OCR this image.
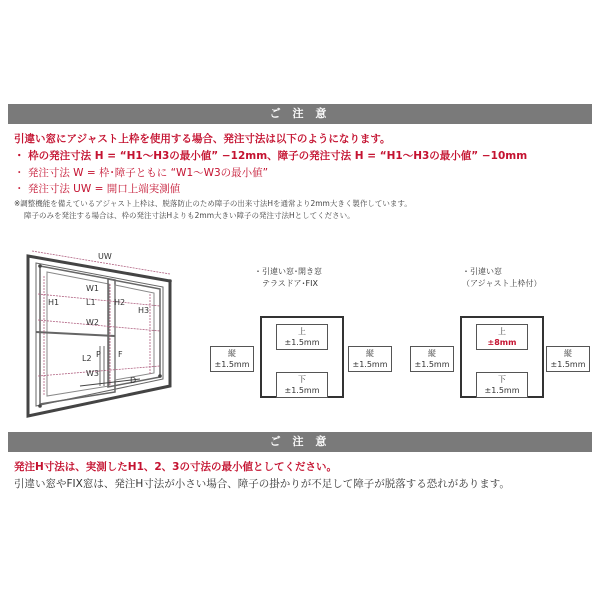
ご 注 意
引違い窓にアジャスト上枠を使用する場合、発注寸法は以下のようになります。
・ 枠の発注寸法 H = “H1～H3の最小値” −12mm、障子の発注寸法 H = “H1～H3の最小値” −10mm
・ 発注寸法 W = 枠･障子ともに “W1～W3の最小値”
・ 発注寸法 UW = 開口上端実測値
※調整機能を備えているアジャスト上枠は、脱落防止のため障子の出来寸法Hを通常より2mm大きく製作しています。
障子のみを発注する場合は、枠の発注寸法Hよりも2mm大きい障子の発注寸法Hとしてください。
UW
W1
H1	L1 H2
H3
W2
L2 P F
W3
D
・引違い窓･開き窓
テラスドア･FIX
上
±1.5mm
下
±1.5mm
縦
±1.5mm
縦
±1.5mm
・引違い窓
（アジャスト上枠付）
上
±8mm
下
±1.5mm
縦
±1.5mm
縦
±1.5mm
ご 注 意
発注H寸法は、実測したH1、2、3の寸法の最小値としてください。
引違い窓やFIX窓は、発注H寸法が小さい場合、障子の掛かりが不足して障子が脱落する恐れがあります。
